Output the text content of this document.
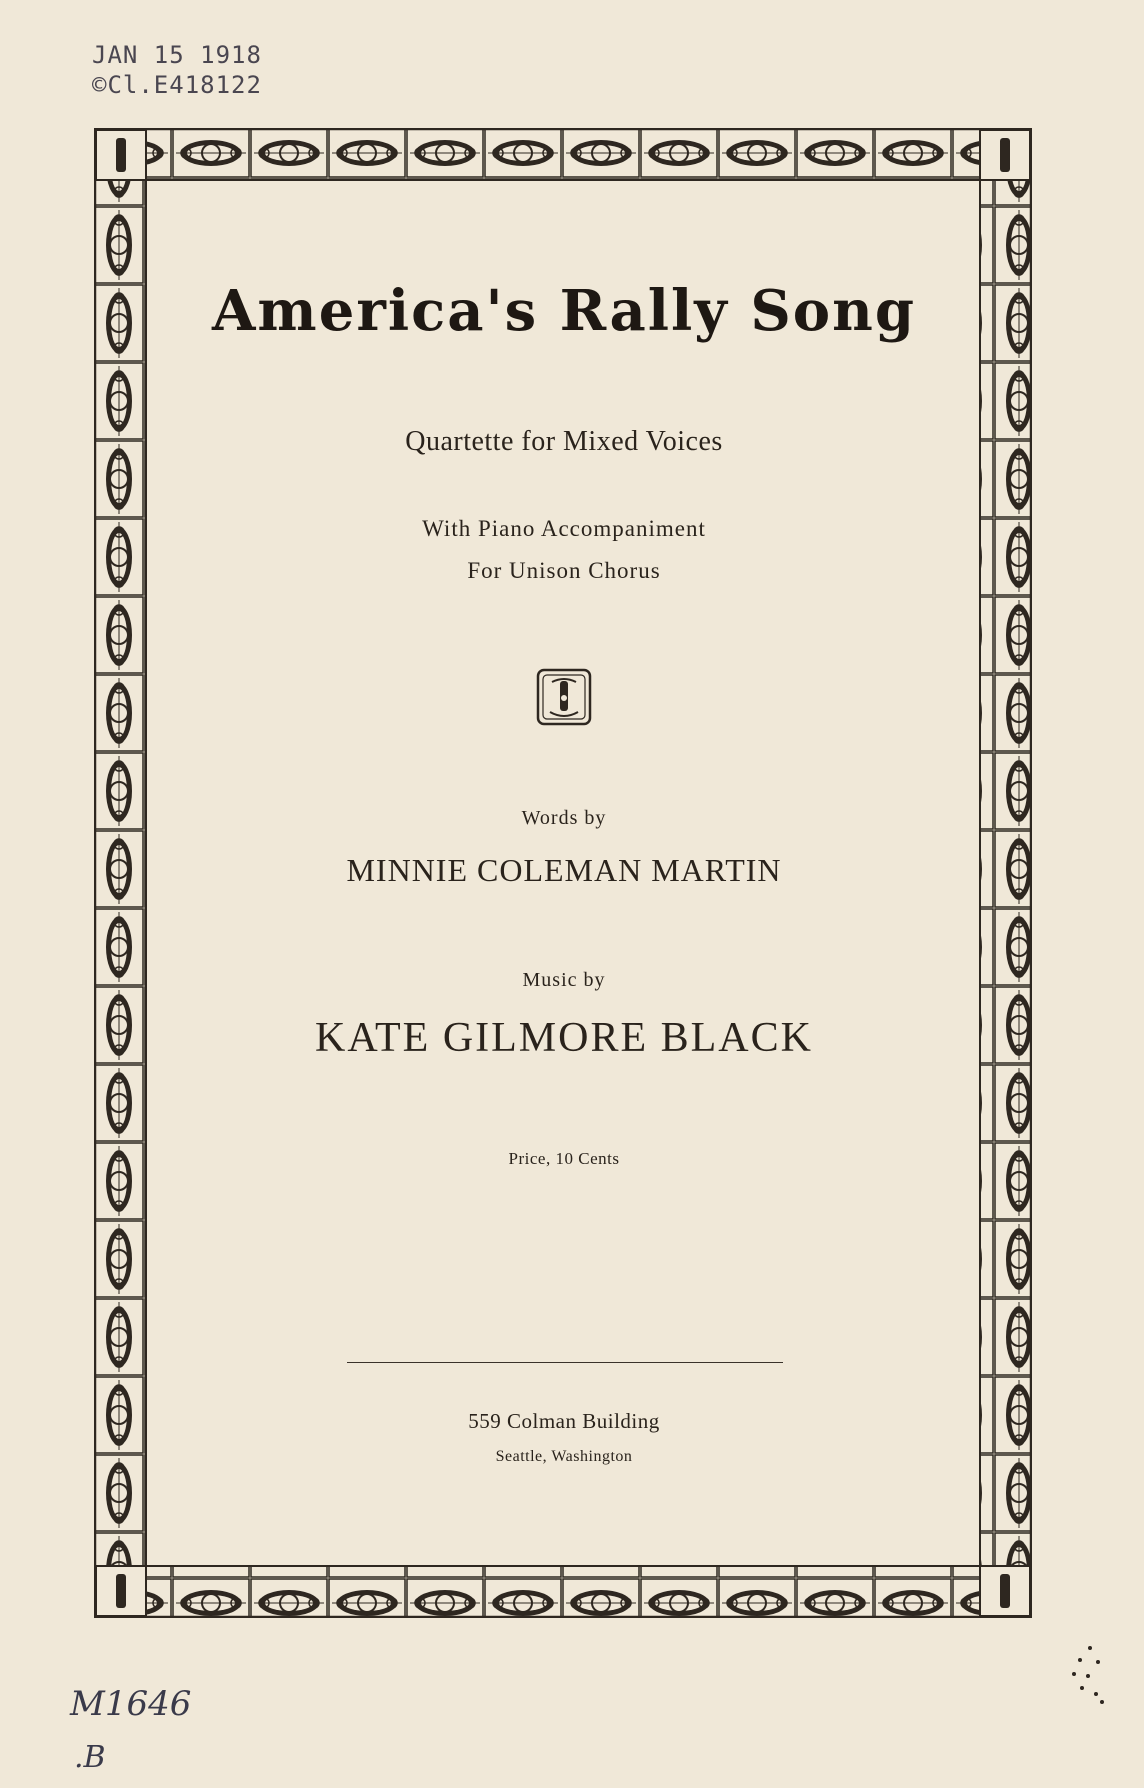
JAN 15 1918
©Cl.E418122
America's Rally Song
Quartette for Mixed Voices
With Piano Accompaniment
For Unison Chorus
Words by
MINNIE COLEMAN MARTIN
Music by
KATE GILMORE BLACK
Price, 10 Cents
559 Colman Building
Seattle, Washington
M1646
.B
